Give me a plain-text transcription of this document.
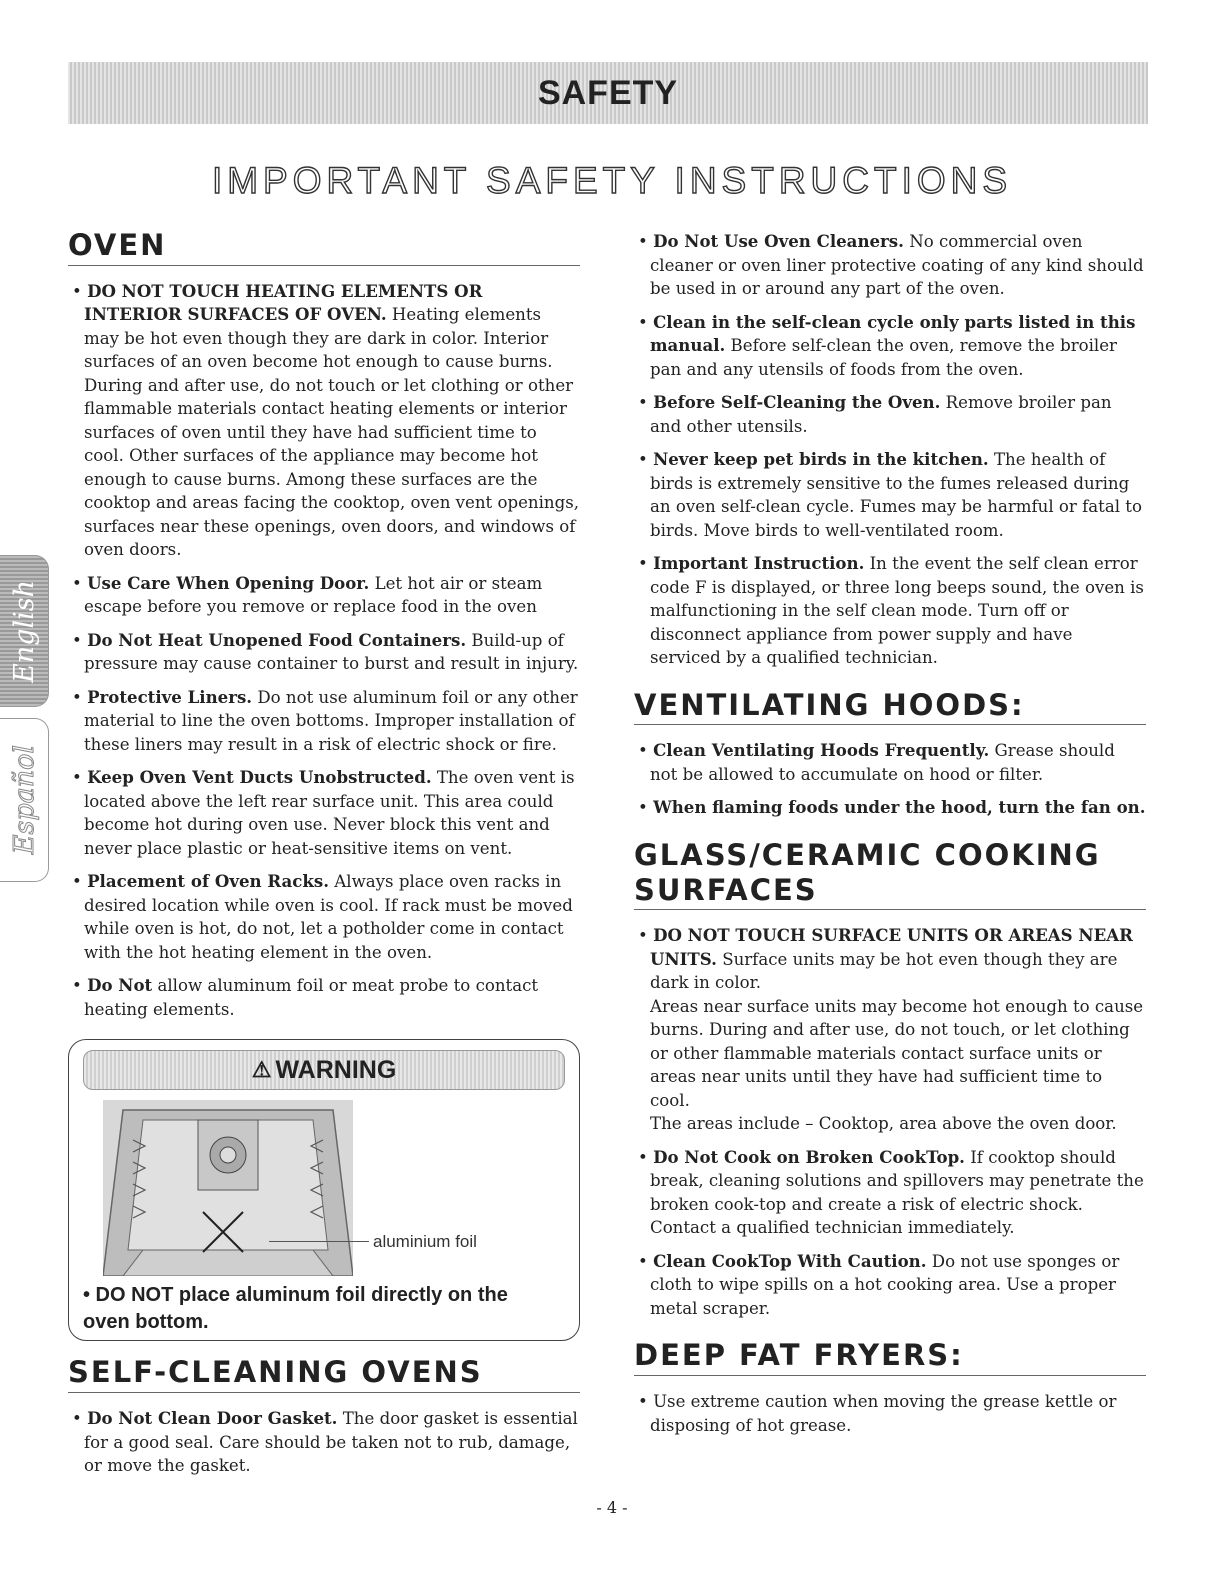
SAFETY
IMPORTANT SAFETY INSTRUCTIONS
English
Español
OVEN
• DO NOT TOUCH HEATING ELEMENTS OR INTERIOR SURFACES OF OVEN. Heating elements may be hot even though they are dark in color. Interior surfaces of an oven become hot enough to cause burns. During and after use, do not touch or let clothing or other flammable materials contact heating elements or interior surfaces of oven until they have had sufficient time to cool. Other surfaces of the appliance may become hot enough to cause burns. Among these surfaces are the cooktop and areas facing the cooktop, oven vent openings, surfaces near these openings, oven doors, and windows of oven doors.
• Use Care When Opening Door. Let hot air or steam escape before you remove or replace food in the oven
• Do Not Heat Unopened Food Containers. Build-up of pressure may cause container to burst and result in injury.
• Protective Liners. Do not use aluminum foil or any other material to line the oven bottoms. Improper installation of these liners may result in a risk of electric shock or fire.
• Keep Oven Vent Ducts Unobstructed. The oven vent is located above the left rear surface unit. This area could become hot during oven use. Never block this vent and never place plastic or heat-sensitive items on vent.
• Placement of Oven Racks. Always place oven racks in desired location while oven is cool. If rack must be moved while oven is hot, do not, let a potholder come in contact with the hot heating element in the oven.
• Do Not allow aluminum foil or meat probe to contact heating elements.
⚠ WARNING
aluminium foil
• DO NOT place aluminum foil directly on the oven bottom.
SELF-CLEANING OVENS
• Do Not Clean Door Gasket. The door gasket is essential for a good seal. Care should be taken not to rub, damage, or move the gasket.
• Do Not Use Oven Cleaners. No commercial oven cleaner or oven liner protective coating of any kind should be used in or around any part of the oven.
• Clean in the self-clean cycle only parts listed in this manual. Before self-clean the oven, remove the broiler pan and any utensils of foods from the oven.
• Before Self-Cleaning the Oven. Remove broiler pan and other utensils.
• Never keep pet birds in the kitchen. The health of birds is extremely sensitive to the fumes released during an oven self-clean cycle. Fumes may be harmful or fatal to birds. Move birds to well-ventilated room.
• Important Instruction. In the event the self clean error code F is displayed, or three long beeps sound, the oven is malfunctioning in the self clean mode. Turn off or disconnect appliance from power supply and have serviced by a qualified technician.
VENTILATING HOODS:
• Clean Ventilating Hoods Frequently. Grease should not be allowed to accumulate on hood or filter.
• When flaming foods under the hood, turn the fan on.
GLASS/CERAMIC COOKING SURFACES
• DO NOT TOUCH SURFACE UNITS OR AREAS NEAR UNITS. Surface units may be hot even though they are dark in color.
Areas near surface units may become hot enough to cause burns. During and after use, do not touch, or let clothing or other flammable materials contact surface units or areas near units until they have had sufficient time to cool.
The areas include – Cooktop, area above the oven door.
• Do Not Cook on Broken CookTop. If cooktop should break, cleaning solutions and spillovers may penetrate the broken cook-top and create a risk of electric shock. Contact a qualified technician immediately.
• Clean CookTop With Caution. Do not use sponges or cloth to wipe spills on a hot cooking area. Use a proper metal scraper.
DEEP FAT FRYERS:
• Use extreme caution when moving the grease kettle or disposing of hot grease.
- 4 -
